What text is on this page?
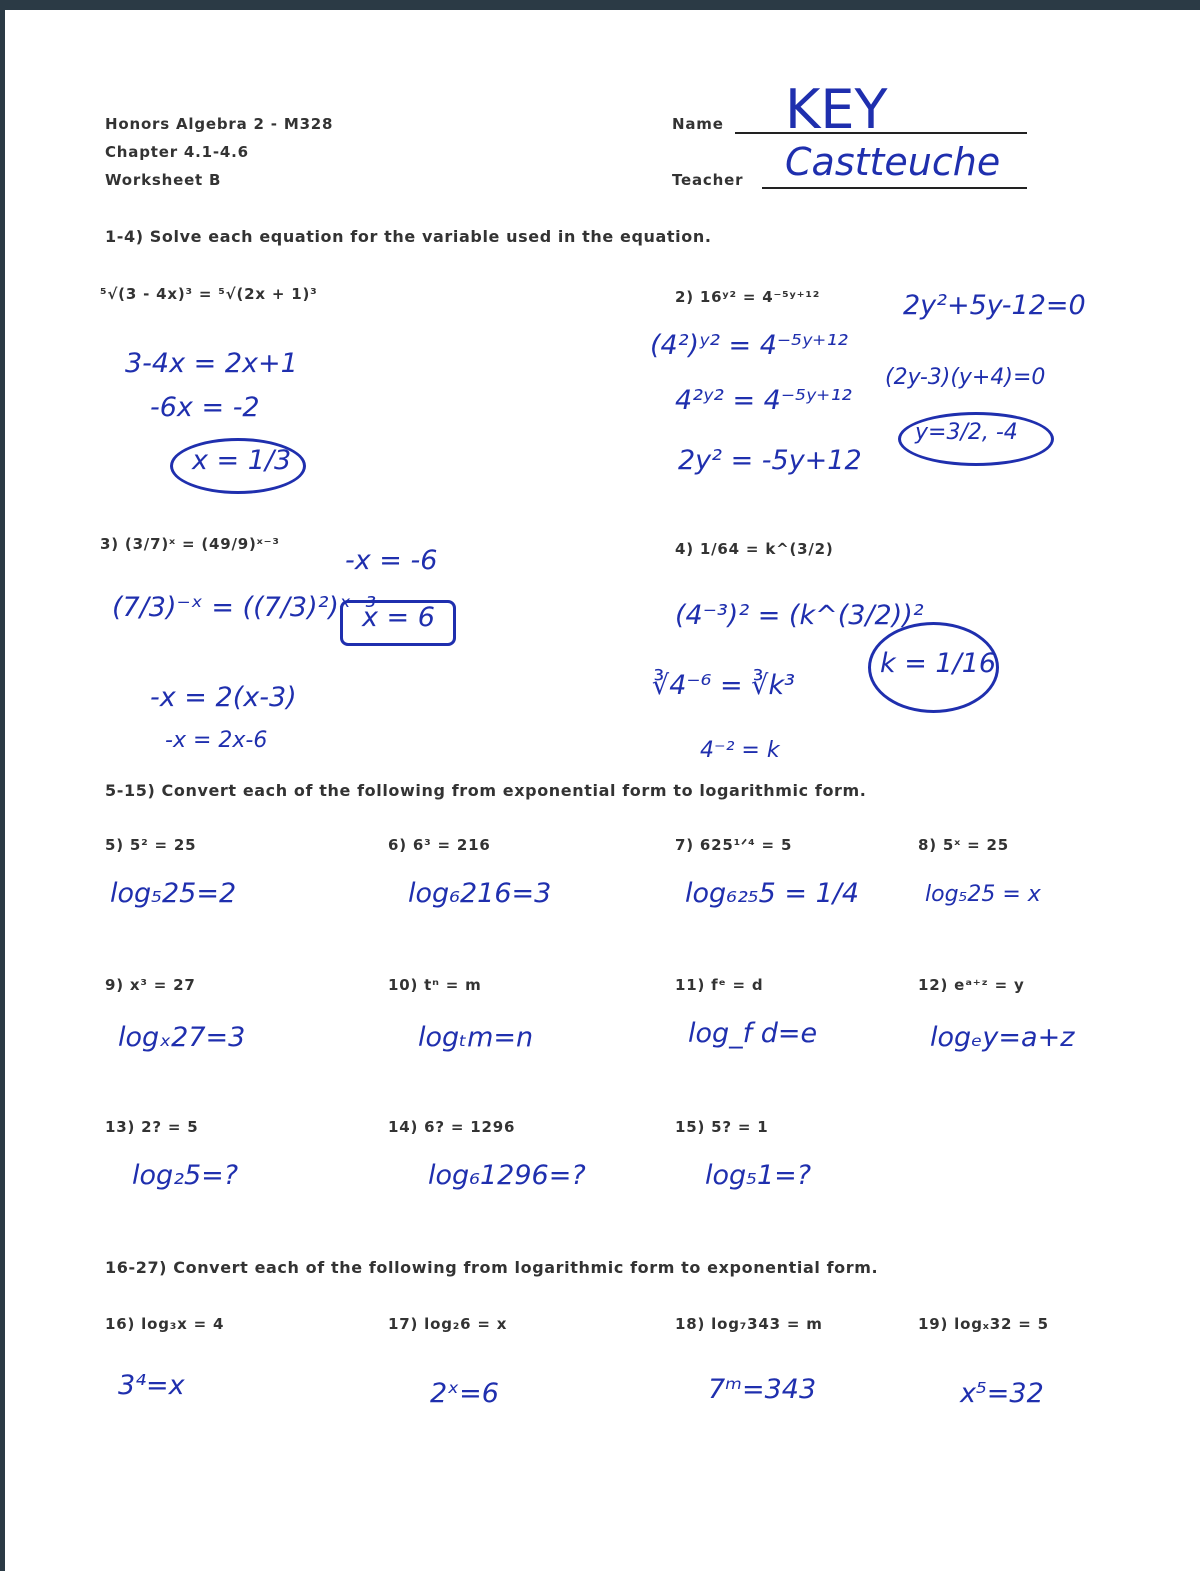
Honors Algebra 2 - M328
Chapter 4.1-4.6
Worksheet B
Name KEY
Teacher Castteuche
1-4) Solve each equation for the variable used in the equation.
⁵√(3 - 4x)³ = ⁵√(2x + 1)³
3-4x = 2x+1
-6x = -2
x = 1/3
2) 16ʸ² = 4⁻⁵ʸ⁺¹²
(4²)ʸ² = 4⁻⁵ʸ⁺¹²
4²ʸ² = 4⁻⁵ʸ⁺¹²
2y² = -5y+12
2y²+5y-12=0
(2y-3)(y+4)=0
y=3/2, -4
3) (3/7)ˣ = (49/9)ˣ⁻³
(7/3)⁻ˣ = ((7/3)²)ˣ⁻³
-x = -6
x = 6
-x = 2(x-3)
-x = 2x-6
4) 1/64 = k^(3/2)
(4⁻³)² = (k^(3/2))²
∛4⁻⁶ = ∛k³
4⁻² = k
k = 1/16
5-15) Convert each of the following from exponential form to logarithmic form.
5) 5² = 25
log₅25=2
6) 6³ = 216
log₆216=3
7) 625¹ᐟ⁴ = 5
log₆₂₅5 = 1/4
8) 5ˣ = 25
log₅25 = x
9) x³ = 27
logₓ27=3
10) tⁿ = m
logₜm=n
11) fᵉ = d
log_f d=e
12) eᵃ⁺ᶻ = y
logₑy=a+z
13) 2? = 5
log₂5=?
14) 6? = 1296
log₆1296=?
15) 5? = 1
log₅1=?
16-27) Convert each of the following from logarithmic form to exponential form.
16) log₃x = 4
3⁴=x
17) log₂6 = x
2ˣ=6
18) log₇343 = m
7ᵐ=343
19) logₓ32 = 5
x⁵=32
